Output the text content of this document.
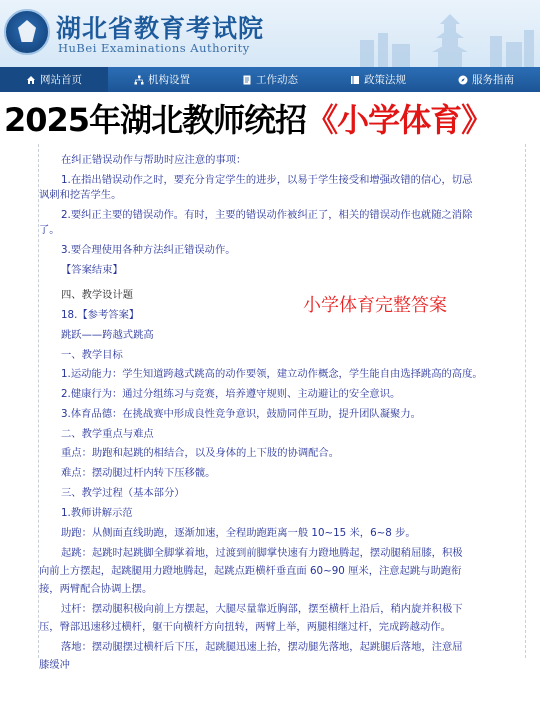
湖北省教育考试院
HuBei Examinations Authority
网站首页	机构设置	工作动态	政策法规	服务指南
2025年湖北教师统招 《小学体育》
在纠正错误动作与帮助时应注意的事项：
1.在指出错误动作之时，要充分肯定学生的进步，以易于学生接受和增强改错的信心，切忌
讽刺和挖苦学生。
2.要纠正主要的错误动作。有时，主要的错误动作被纠正了，相关的错误动作也就随之消除
了。
3.要合理使用各种方法纠正错误动作。
【答案结束】
四、教学设计题
18.【参考答案】
跳跃——跨越式跳高
一、教学目标
1.运动能力：学生知道跨越式跳高的动作要领，建立动作概念，学生能自由选择跳高的高度。
2.健康行为：通过分组练习与竞赛，培养遵守规则、主动避让的安全意识。
3.体育品德：在挑战赛中形成良性竞争意识，鼓励同伴互助，提升团队凝聚力。
二、教学重点与难点
重点：助跑和起跳的相结合，以及身体的上下肢的协调配合。
难点：摆动腿过杆内转下压移髋。
三、教学过程（基本部分）
1.教师讲解示范
助跑：从侧面直线助跑，逐渐加速，全程助跑距离一般 10~15 米，6~8 步。
起跳：起跳时起跳脚全脚掌着地，过渡到前脚掌快速有力蹬地腾起，摆动腿稍屈膝，积极
向前上方摆起，起跳腿用力蹬地腾起，起跳点距横杆垂直面 60~90 厘米，注意起跳与助跑衔
接，两臂配合协调上摆。
过杆：摆动腿积极向前上方摆起，大腿尽量靠近胸部，摆至横杆上沿后，稍内旋并积极下
压，臀部迅速移过横杆，躯干向横杆方向扭转，两臂上举，两腿相继过杆，完成跨越动作。
落地：摆动腿摆过横杆后下压，起跳腿迅速上抬，摆动腿先落地，起跳腿后落地，注意屈
膝缓冲
小学体育完整答案
